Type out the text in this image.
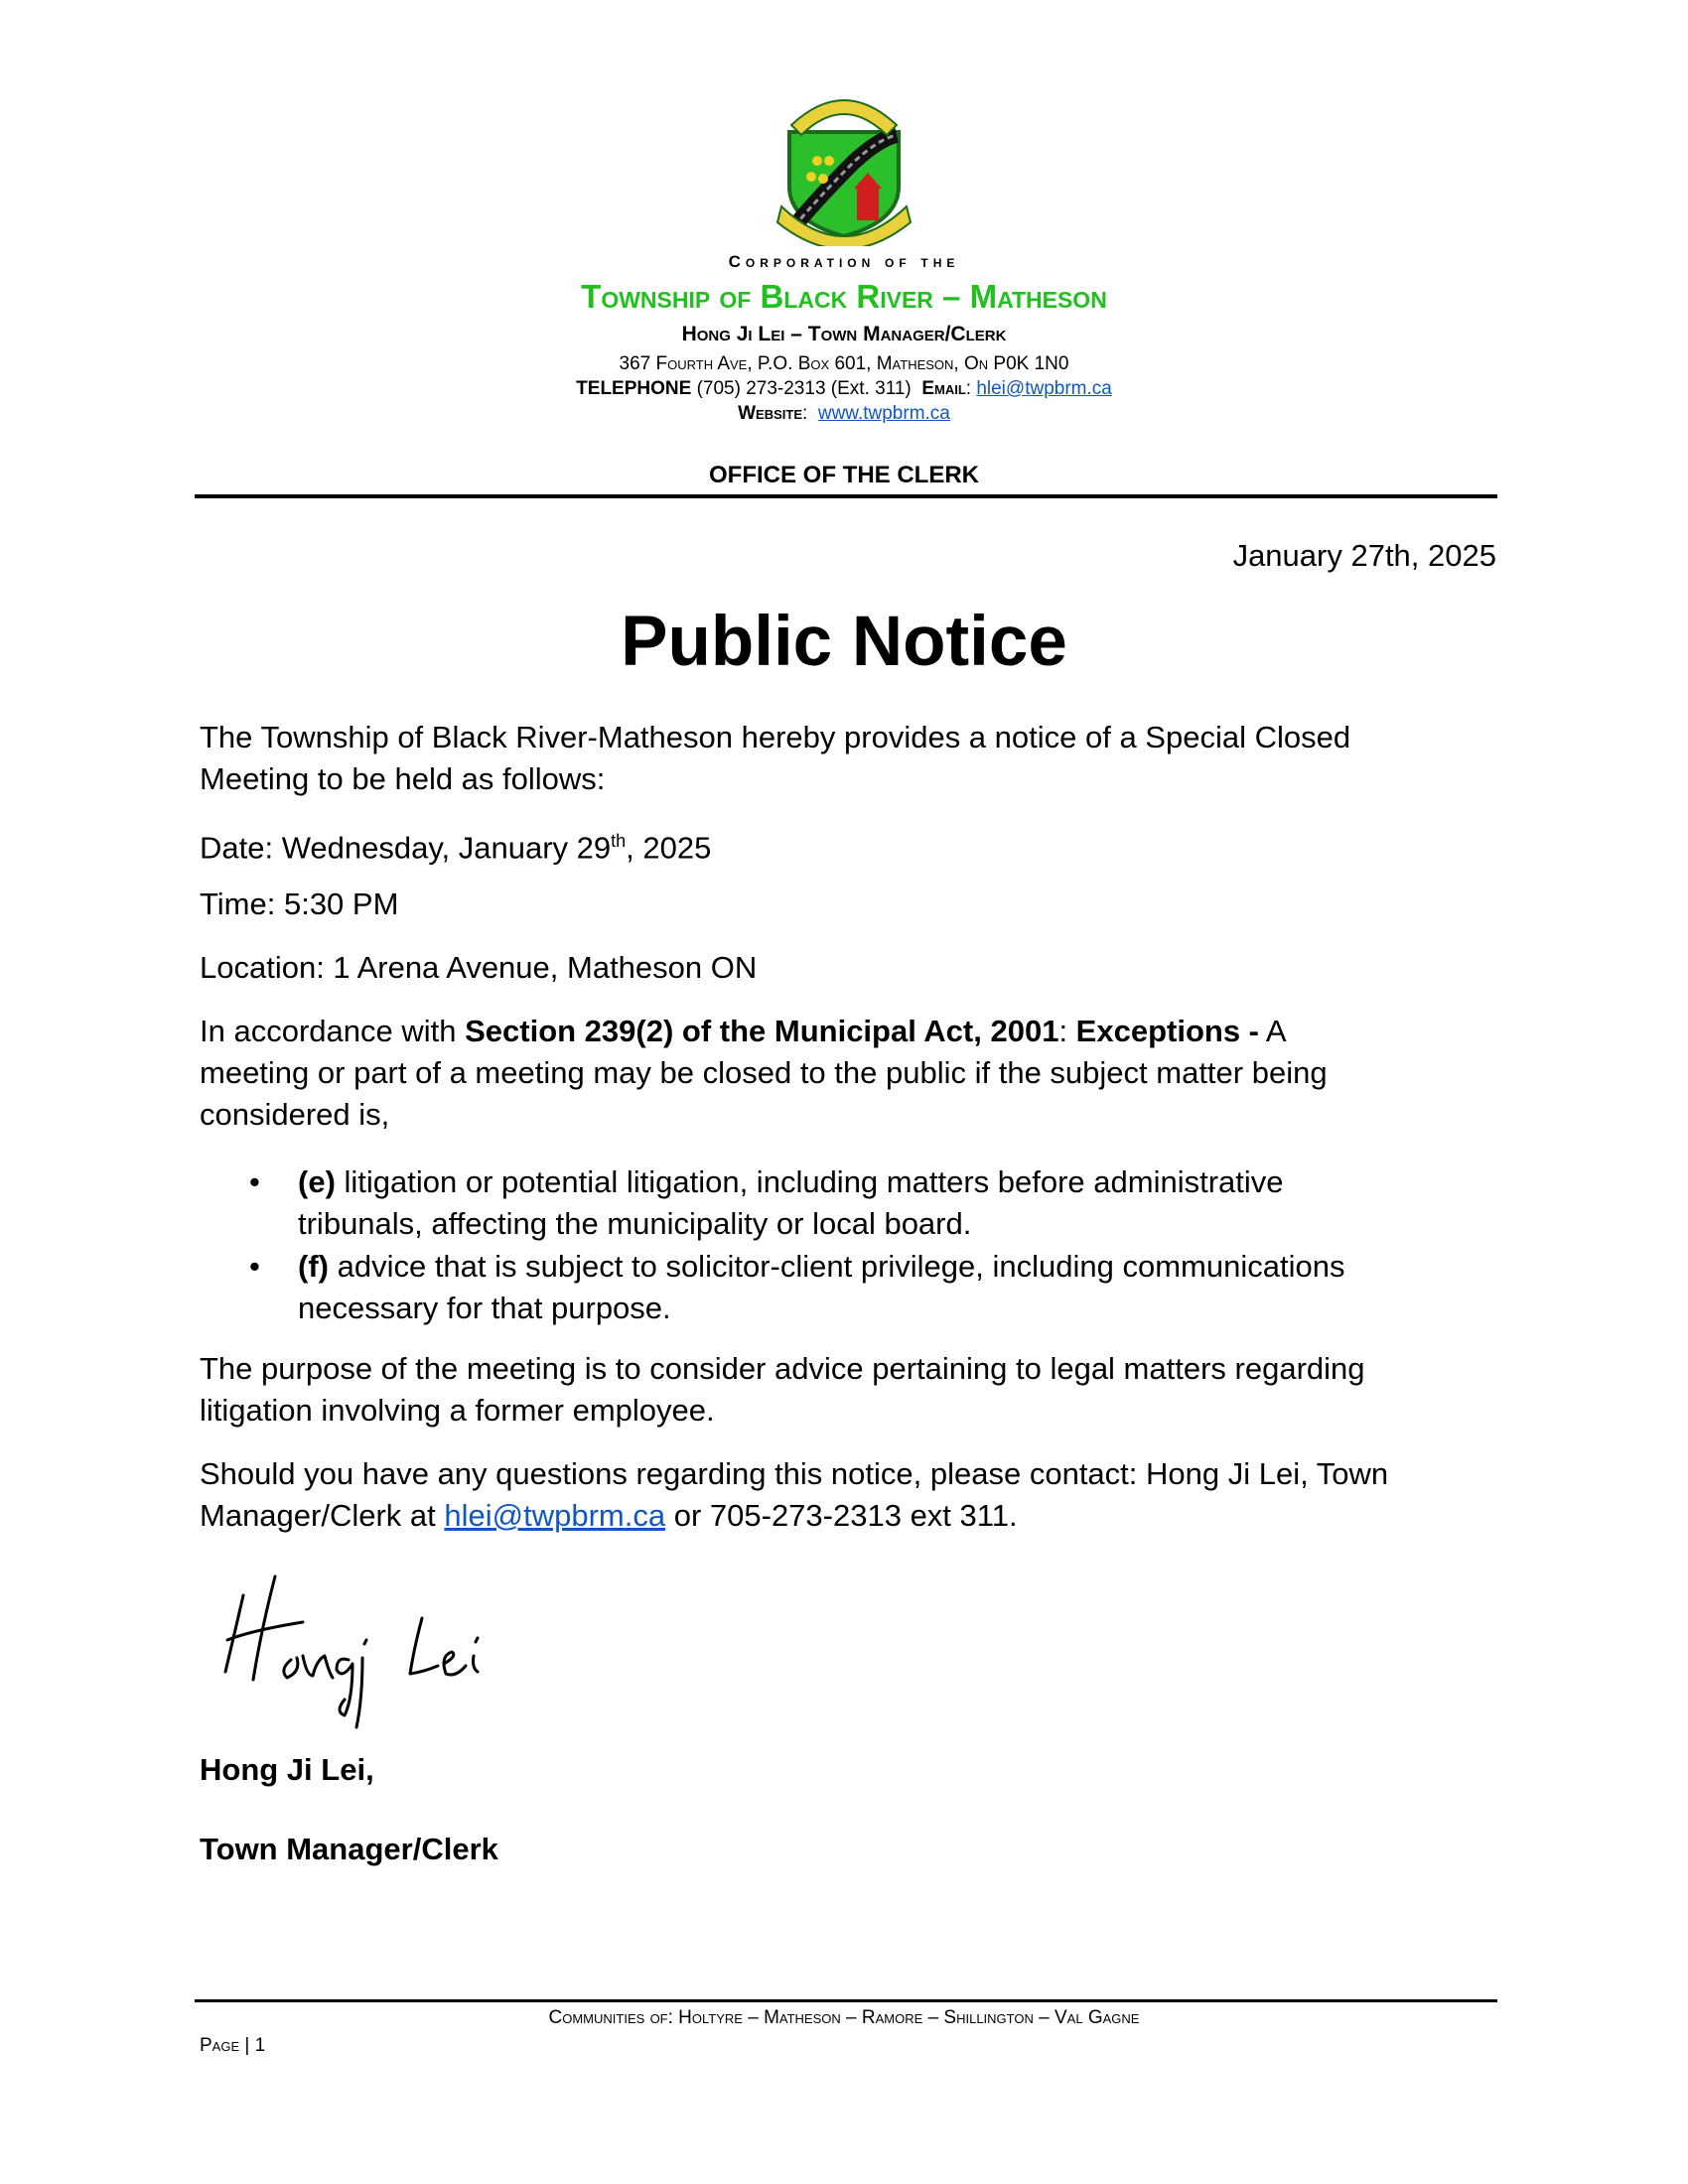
Corporation of the
Township of Black River – Matheson
Hong Ji Lei – Town Manager/Clerk
367 Fourth Ave, P.O. Box 601, Matheson, On P0K 1N0
TELEPHONE (705) 273-2313 (Ext. 311) Email: hlei@twpbrm.ca
Website:  www.twpbrm.ca
OFFICE OF THE CLERK
January 27th, 2025
Public Notice
The Township of Black River-Matheson hereby provides a notice of a Special Closed
Meeting to be held as follows:
Date: Wednesday, January 29th, 2025
Time: 5:30 PM
Location: 1 Arena Avenue, Matheson ON
In accordance with Section 239(2) of the Municipal Act, 2001: Exceptions - A
meeting or part of a meeting may be closed to the public if the subject matter being
considered is,
• (e) litigation or potential litigation, including matters before administrative
tribunals, affecting the municipality or local board.
• (f) advice that is subject to solicitor-client privilege, including communications
necessary for that purpose.
The purpose of the meeting is to consider advice pertaining to legal matters regarding
litigation involving a former employee.
Should you have any questions regarding this notice, please contact: Hong Ji Lei, Town
Manager/Clerk at hlei@twpbrm.ca or 705-273-2313 ext 311.
Hong Ji Lei,
Town Manager/Clerk
Communities of: Holtyre – Matheson – Ramore – Shillington – Val Gagne
Page | 1
